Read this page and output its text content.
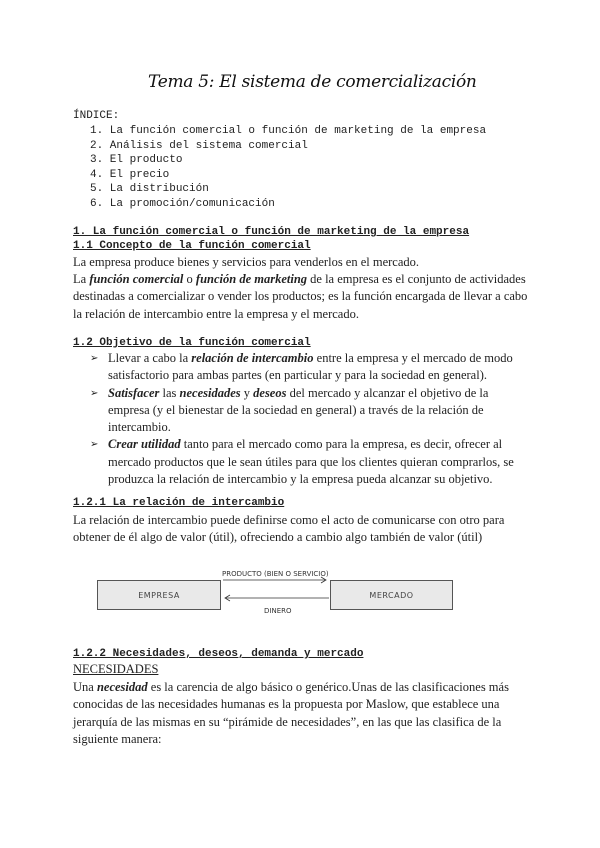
Tema 5: El sistema de comercialización
ÍNDICE:
1. La función comercial o función de marketing de la empresa
2. Análisis del sistema comercial
3. El producto
4. El precio
5. La distribución
6. La promoción/comunicación
1. La función comercial o función de marketing de la empresa
1.1 Concepto de la función comercial

La empresa produce bienes y servicios para venderlos en el mercado.

La función comercial o función de marketing de la empresa es el conjunto de actividades destinadas a comercializar o vender los productos; es la función encargada de llevar a cabo la relación de intercambio entre la empresa y el mercado.

1.2 Objetivo de la función comercial
➢ Llevar a cabo la relación de intercambio entre la empresa y el mercado de modo satisfactorio para ambas partes (en particular y para la sociedad en general).
➢ Satisfacer las necesidades y deseos del mercado y alcanzar el objetivo de la empresa (y el bienestar de la sociedad en general) a través de la relación de intercambio.
➢ Crear utilidad tanto para el mercado como para la empresa, es decir, ofrecer al mercado productos que le sean útiles para que los clientes quieran comprarlos, se produzca la relación de intercambio y la empresa pueda alcanzar su objetivo.
1.2.1 La relación de intercambio

La relación de intercambio puede definirse como el acto de comunicarse con otro para obtener de él algo de valor (útil), ofreciendo a cambio algo también de valor (útil)

EMPRESA	MERCADO
PRODUCTO (BIEN O SERVICIO)
DINERO
1.2.2 Necesidades, deseos, demanda y mercado
NECESIDADES

Una necesidad es la carencia de algo básico o genérico.Unas de las clasificaciones más conocidas de las necesidades humanas es la propuesta por Maslow, que establece una jerarquía de las mismas en su “pirámide de necesidades”, en las que las clasifica de la siguiente manera:
